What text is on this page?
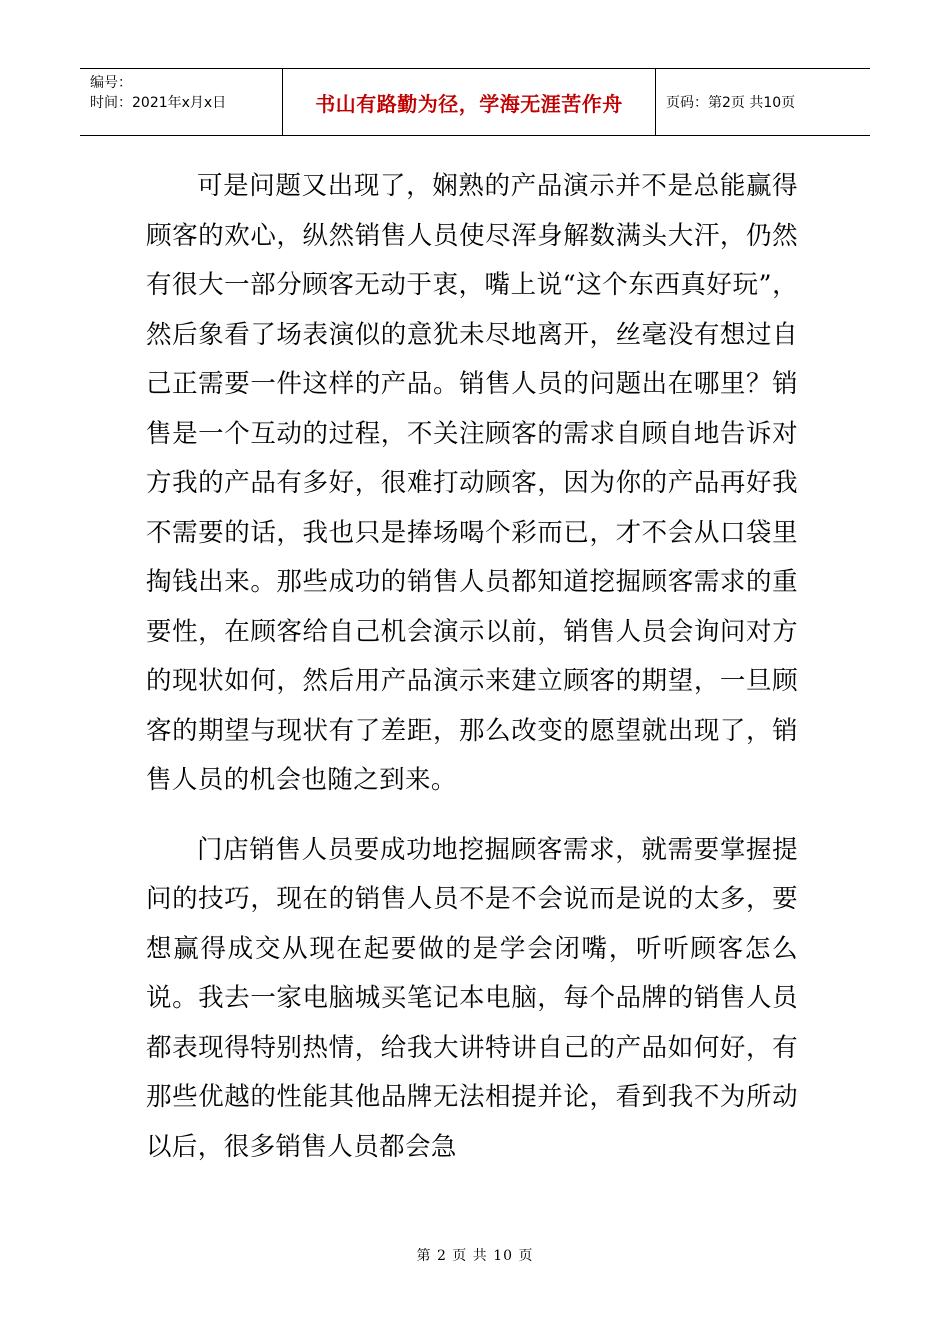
编号：
时间：2021年x月x日	书山有路勤为径，学海无涯苦作舟	页码：第2页 共10页

可是问题又出现了，娴熟的产品演示并不是总能赢得顾客的欢心，纵然销售人员使尽浑身解数满头大汗，仍然有很大一部分顾客无动于衷，嘴上说“这个东西真好玩”，然后象看了场表演似的意犹未尽地离开，丝毫没有想过自己正需要一件这样的产品。销售人员的问题出在哪里？销售是一个互动的过程，不关注顾客的需求自顾自地告诉对方我的产品有多好，很难打动顾客，因为你的产品再好我不需要的话，我也只是捧场喝个彩而已，才不会从口袋里掏钱出来。那些成功的销售人员都知道挖掘顾客需求的重要性，在顾客给自己机会演示以前，销售人员会询问对方的现状如何，然后用产品演示来建立顾客的期望，一旦顾客的期望与现状有了差距，那么改变的愿望就出现了，销售人员的机会也随之到来。

门店销售人员要成功地挖掘顾客需求，就需要掌握提问的技巧，现在的销售人员不是不会说而是说的太多，要想赢得成交从现在起要做的是学会闭嘴，听听顾客怎么说。我去一家电脑城买笔记本电脑，每个品牌的销售人员都表现得特别热情，给我大讲特讲自己的产品如何好，有那些优越的性能其他品牌无法相提并论，看到我不为所动以后，很多销售人员都会急

第 2 页 共 10 页
